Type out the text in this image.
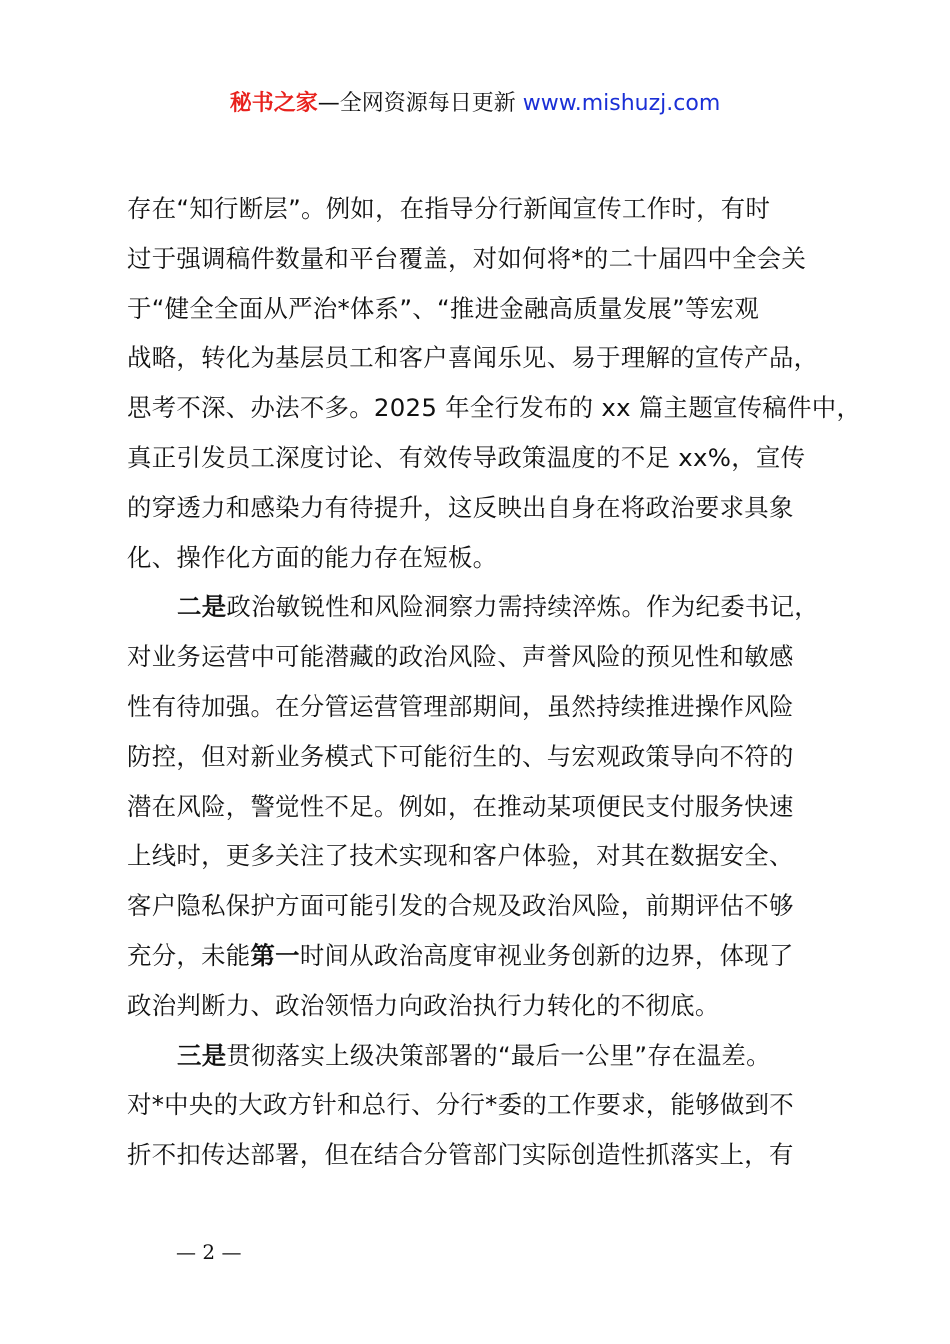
秘书之家—全网资源每日更新 www.mishuzj.com

存在“知行断层”。例如，在指导分行新闻宣传工作时，有时
过于强调稿件数量和平台覆盖，对如何将*的二十届四中全会关
于“健全全面从严治*体系”、“推进金融高质量发展”等宏观
战略，转化为基层员工和客户喜闻乐见、易于理解的宣传产品，
思考不深、办法不多。2025 年全行发布的 xx 篇主题宣传稿件中，
真正引发员工深度讨论、有效传导政策温度的不足 xx%，宣传
的穿透力和感染力有待提升，这反映出自身在将政治要求具象
化、操作化方面的能力存在短板。

二是政治敏锐性和风险洞察力需持续淬炼。作为纪委书记，
对业务运营中可能潜藏的政治风险、声誉风险的预见性和敏感
性有待加强。在分管运营管理部期间，虽然持续推进操作风险
防控，但对新业务模式下可能衍生的、与宏观政策导向不符的
潜在风险，警觉性不足。例如，在推动某项便民支付服务快速
上线时，更多关注了技术实现和客户体验，对其在数据安全、
客户隐私保护方面可能引发的合规及政治风险，前期评估不够
充分，未能第一时间从政治高度审视业务创新的边界，体现了
政治判断力、政治领悟力向政治执行力转化的不彻底。

三是贯彻落实上级决策部署的“最后一公里”存在温差。
对*中央的大政方针和总行、分行*委的工作要求，能够做到不
折不扣传达部署，但在结合分管部门实际创造性抓落实上，有

— 2 —
